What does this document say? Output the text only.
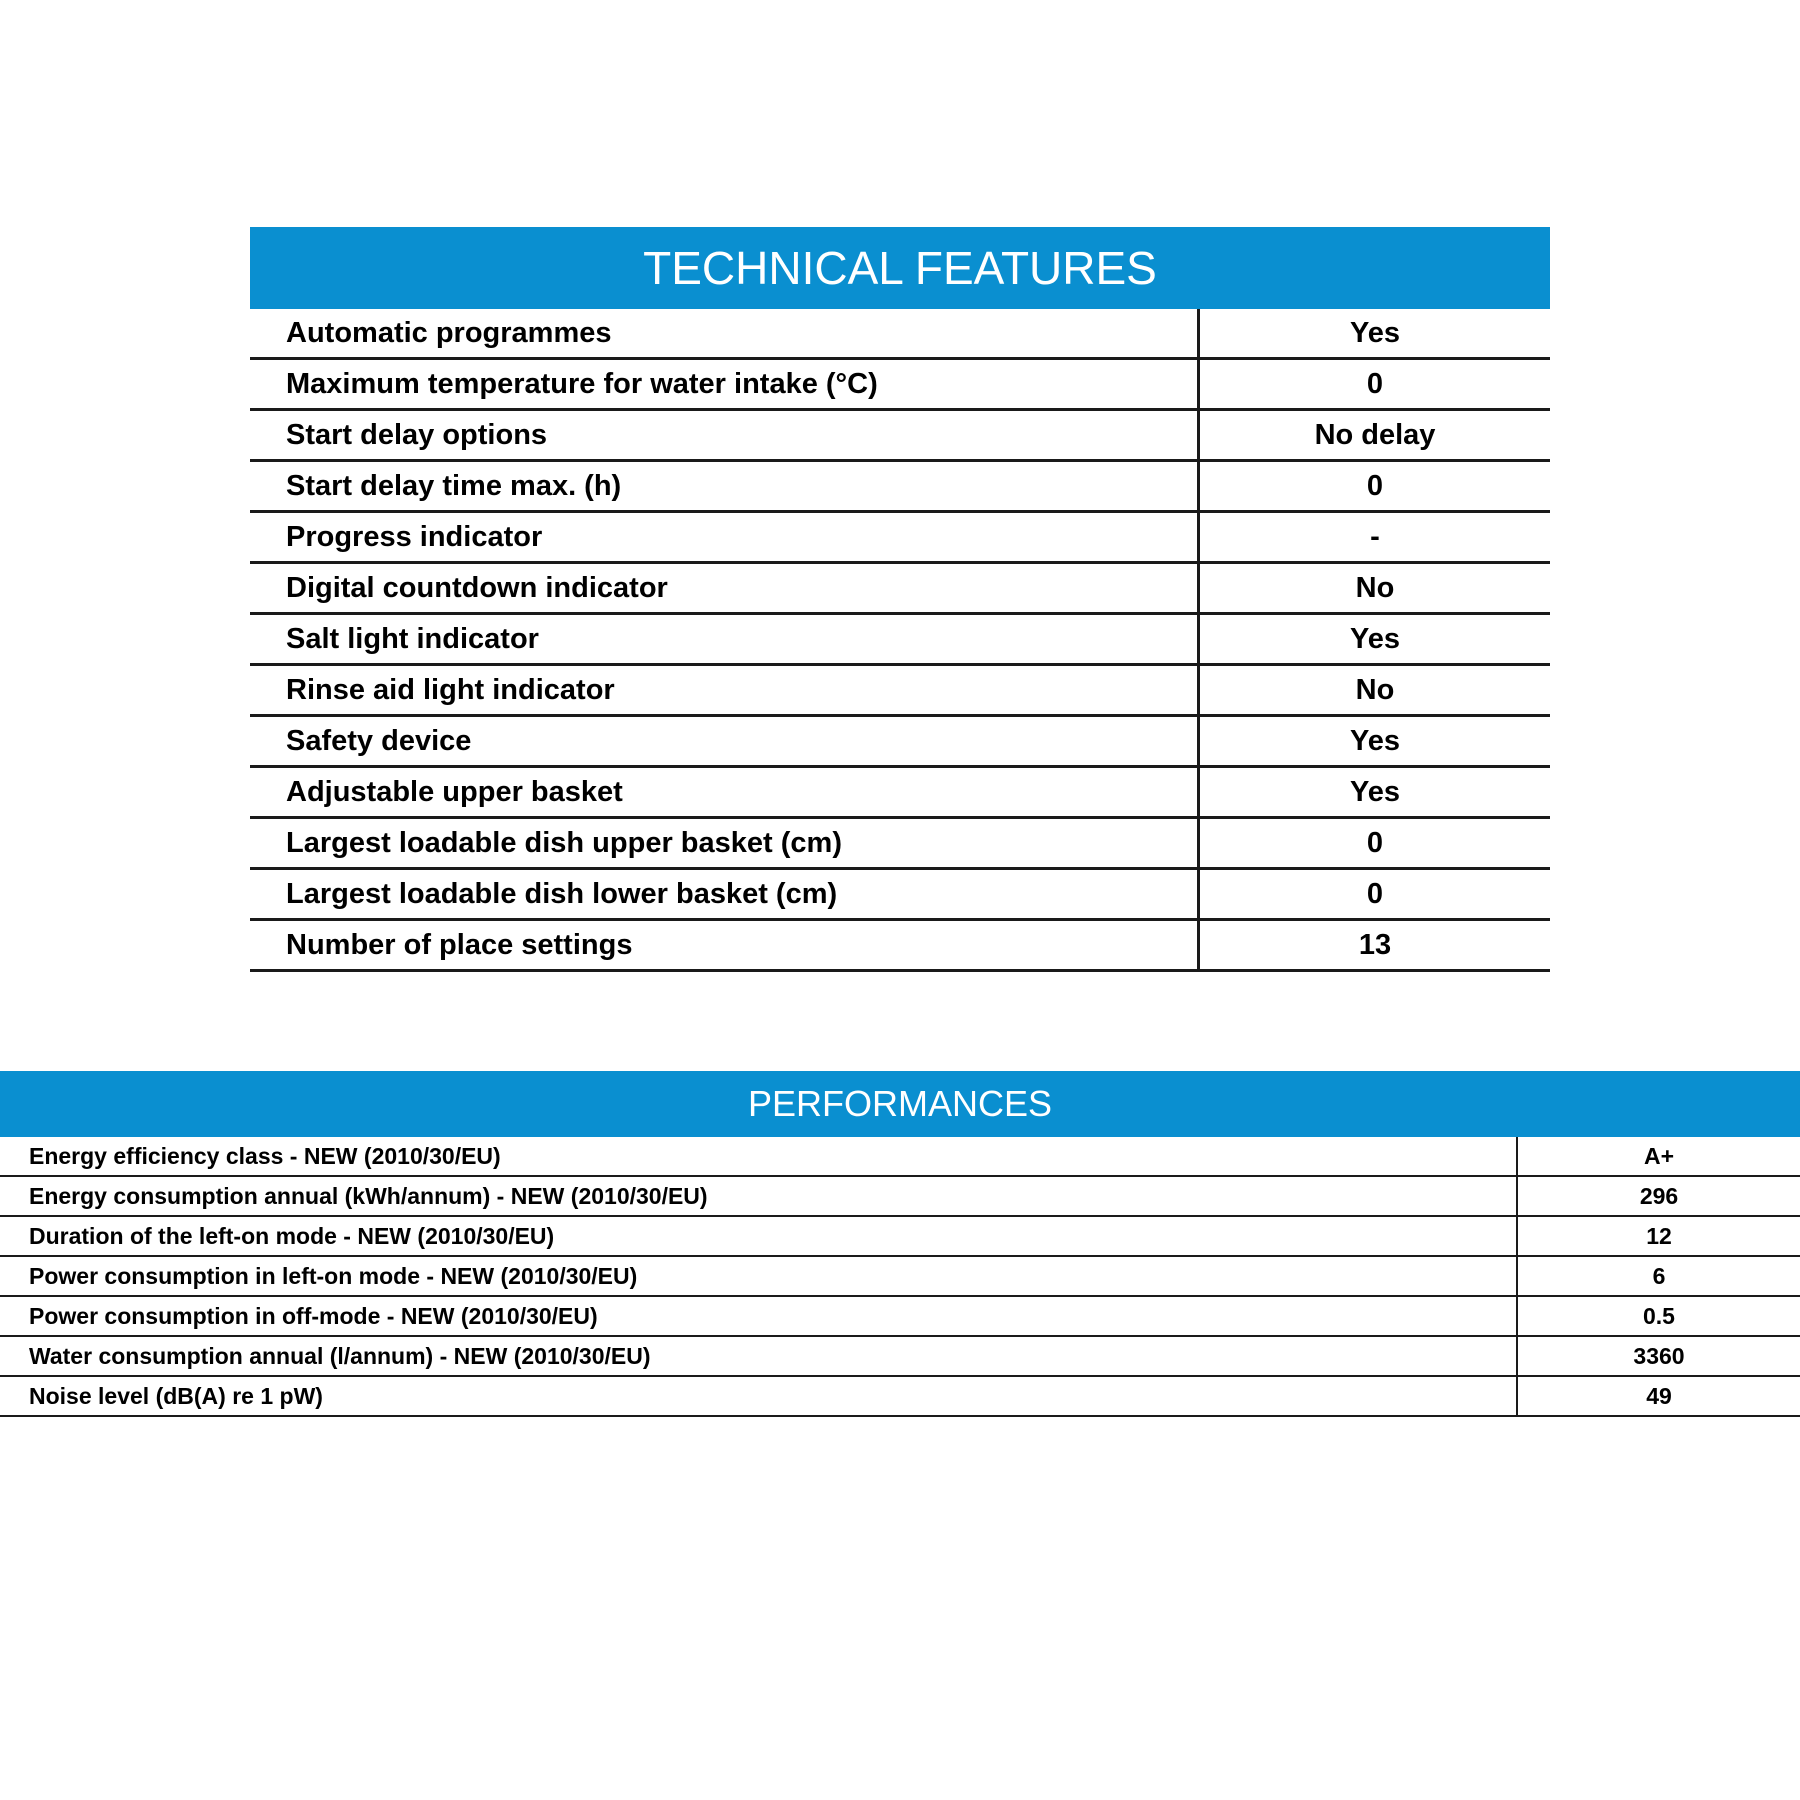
TECHNICAL FEATURES
Automatic programmes	Yes
Maximum temperature for water intake (°C)	0
Start delay options	No delay
Start delay time max. (h)	0
Progress indicator	-
Digital countdown indicator	No
Salt light indicator	Yes
Rinse aid light indicator	No
Safety device	Yes
Adjustable upper basket	Yes
Largest loadable dish upper basket (cm)	0
Largest loadable dish lower basket (cm)	0
Number of place settings	13
PERFORMANCES
Energy efficiency class - NEW (2010/30/EU)	A+
Energy consumption annual (kWh/annum) - NEW (2010/30/EU)	296
Duration of the left-on mode - NEW (2010/30/EU)	12
Power consumption in left-on mode - NEW (2010/30/EU)	6
Power consumption in off-mode - NEW (2010/30/EU)	0.5
Water consumption annual (l/annum) - NEW (2010/30/EU)	3360
Noise level (dB(A) re 1 pW)	49
